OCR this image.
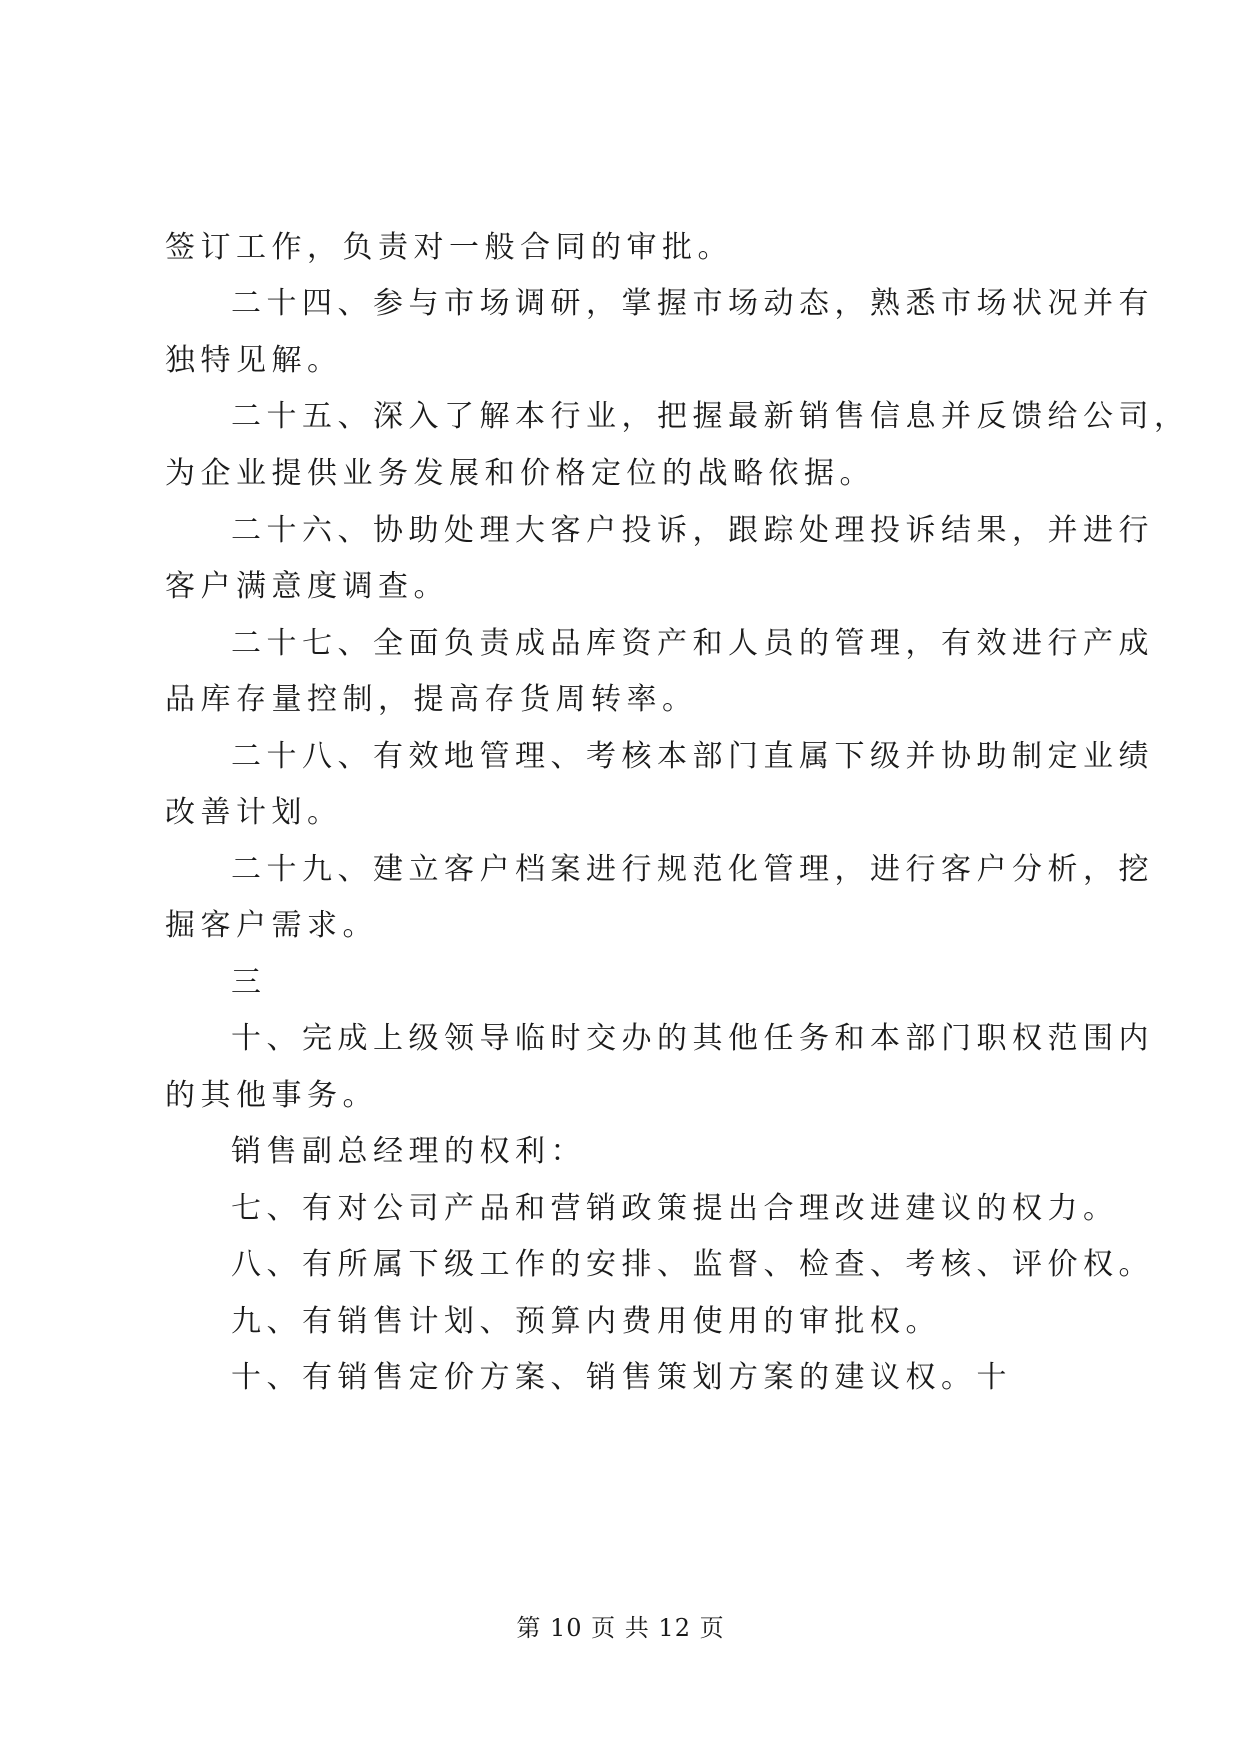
签订工作，负责对一般合同的审批。
二十四、参与市场调研，掌握市场动态，熟悉市场状况并有
独特见解。
二十五、深入了解本行业，把握最新销售信息并反馈给公司，
为企业提供业务发展和价格定位的战略依据。
二十六、协助处理大客户投诉，跟踪处理投诉结果，并进行
客户满意度调查。
二十七、全面负责成品库资产和人员的管理，有效进行产成
品库存量控制，提高存货周转率。
二十八、有效地管理、考核本部门直属下级并协助制定业绩
改善计划。
二十九、建立客户档案进行规范化管理，进行客户分析，挖
掘客户需求。
三
十、完成上级领导临时交办的其他任务和本部门职权范围内
的其他事务。
销售副总经理的权利：
七、有对公司产品和营销政策提出合理改进建议的权力。
八、有所属下级工作的安排、监督、检查、考核、评价权。
九、有销售计划、预算内费用使用的审批权。
十、有销售定价方案、销售策划方案的建议权。十
第 10 页 共 12 页
